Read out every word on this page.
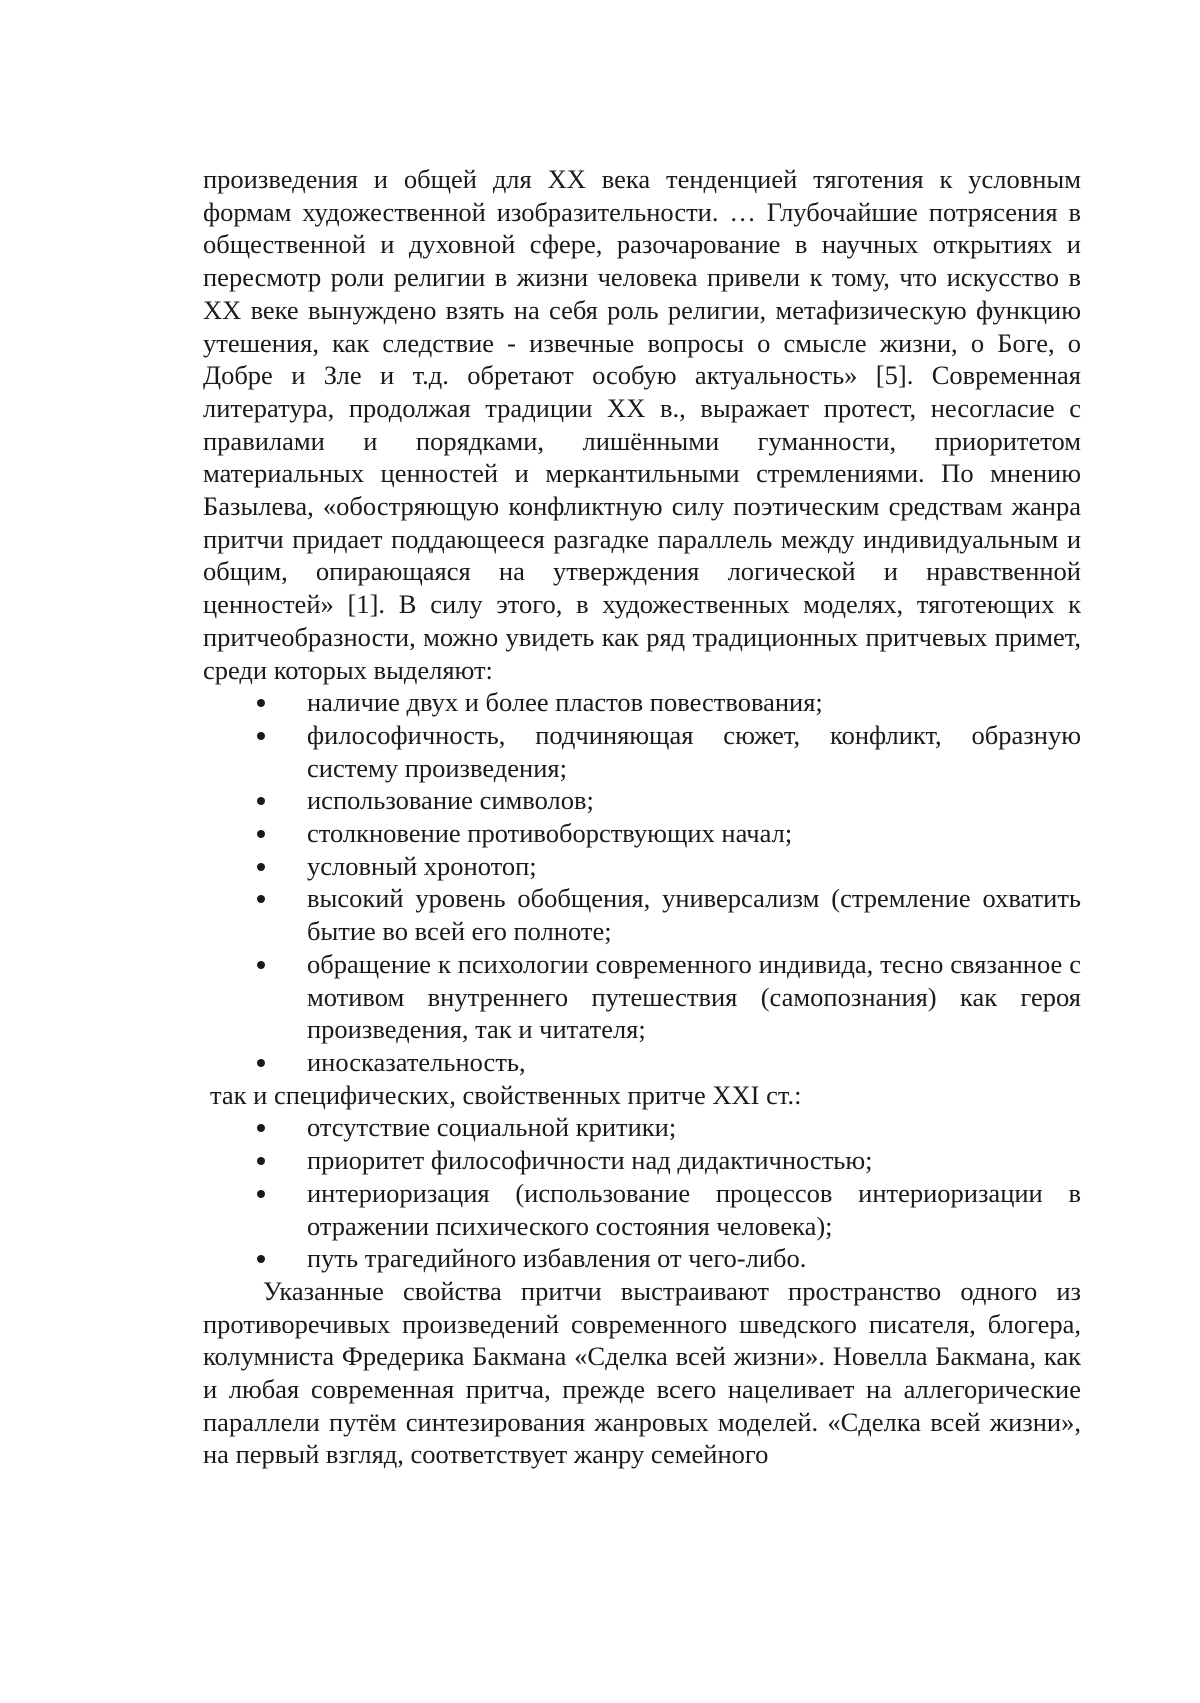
произведения и общей для XX века тенденцией тяготения к условным формам художественной изобразительности. … Глубочайшие потрясения в общественной и духовной сфере, разочарование в научных открытиях и пересмотр роли религии в жизни человека привели к тому, что искусство в XX веке вынуждено взять на себя роль религии, метафизическую функцию утешения, как следствие - извечные вопросы о смысле жизни, о Боге, о Добре и Зле и т.д. обретают особую актуальность» [5]. Современная литература, продолжая традиции XX в., выражает протест, несогласие с правилами и порядками, лишёнными гуманности, приоритетом материальных ценностей и меркантильными стремлениями. По мнению Базылева, «обостряющую конфликтную силу поэтическим средствам жанра притчи придает поддающееся разгадке параллель между индивидуальным и общим, опирающаяся на утверждения логической и нравственной ценностей» [1]. В силу этого, в художественных моделях, тяготеющих к притчеобразности, можно увидеть как ряд традиционных притчевых примет, среди которых выделяют:

наличие двух и более пластов повествования;
философичность, подчиняющая сюжет, конфликт, образную систему произведения;
использование символов;
столкновение противоборствующих начал;
условный хронотоп;
высокий уровень обобщения, универсализм (стремление охватить бытие во всей его полноте;
обращение к психологии современного индивида, тесно связанное с мотивом внутреннего путешествия (самопознания) как героя произведения, так и читателя;
иносказательность,

так и специфических, свойственных притче XXI ст.:

отсутствие социальной критики;
приоритет философичности над дидактичностью;
интериоризация (использование процессов интериоризации в отражении психического состояния человека);
путь трагедийного избавления от чего-либо.

Указанные свойства притчи выстраивают пространство одного из противоречивых произведений современного шведского писателя, блогера, колумниста Фредерика Бакмана «Сделка всей жизни». Новелла Бакмана, как и любая современная притча, прежде всего нацеливает на аллегорические параллели путём синтезирования жанровых моделей. «Сделка всей жизни», на первый взгляд, соответствует жанру семейного
